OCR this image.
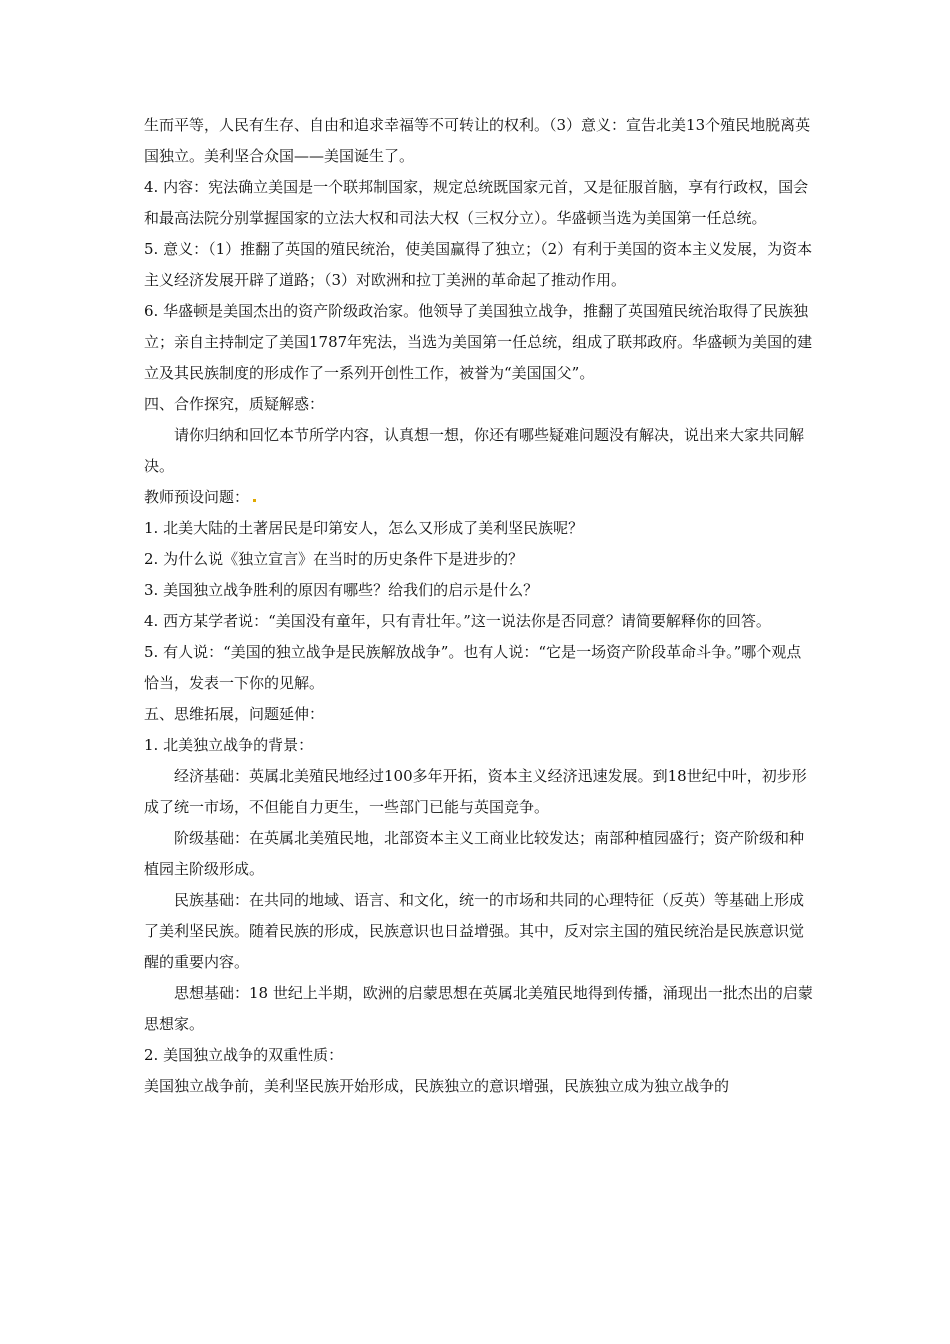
生而平等，人民有生存、自由和追求幸福等不可转让的权利。（3）意义：宣告北美13个殖民地脱离英国独立。美利坚合众国——美国诞生了。

4. 内容：宪法确立美国是一个联邦制国家，规定总统既国家元首，又是征服首脑，享有行政权，国会和最高法院分别掌握国家的立法大权和司法大权（三权分立）。华盛顿当选为美国第一任总统。

5. 意义：（1）推翻了英国的殖民统治，使美国赢得了独立；（2）有利于美国的资本主义发展，为资本主义经济发展开辟了道路；（3）对欧洲和拉丁美洲的革命起了推动作用。

6. 华盛顿是美国杰出的资产阶级政治家。他领导了美国独立战争，推翻了英国殖民统治取得了民族独立；亲自主持制定了美国1787年宪法，当选为美国第一任总统，组成了联邦政府。华盛顿为美国的建立及其民族制度的形成作了一系列开创性工作，被誉为“美国国父”。

四、合作探究，质疑解惑：

请你归纳和回忆本节所学内容，认真想一想，你还有哪些疑难问题没有解决，说出来大家共同解决。

教师预设问题：

1. 北美大陆的土著居民是印第安人，怎么又形成了美利坚民族呢？

2. 为什么说《独立宣言》在当时的历史条件下是进步的？

3. 美国独立战争胜利的原因有哪些？给我们的启示是什么？

4. 西方某学者说：“美国没有童年，只有青壮年。”这一说法你是否同意？请简要解释你的回答。

5. 有人说：“美国的独立战争是民族解放战争”。也有人说：“它是一场资产阶段革命斗争。”哪个观点恰当，发表一下你的见解。

五、思维拓展，问题延伸：

1. 北美独立战争的背景：

经济基础：英属北美殖民地经过100多年开拓，资本主义经济迅速发展。到18世纪中叶，初步形成了统一市场，不但能自力更生，一些部门已能与英国竞争。

阶级基础：在英属北美殖民地，北部资本主义工商业比较发达；南部种植园盛行；资产阶级和种植园主阶级形成。

民族基础：在共同的地域、语言、和文化，统一的市场和共同的心理特征（反英）等基础上形成了美利坚民族。随着民族的形成，民族意识也日益增强。其中，反对宗主国的殖民统治是民族意识觉醒的重要内容。

思想基础：18 世纪上半期，欧洲的启蒙思想在英属北美殖民地得到传播，涌现出一批杰出的启蒙思想家。

2. 美国独立战争的双重性质：

美国独立战争前，美利坚民族开始形成，民族独立的意识增强，民族独立成为独立战争的
